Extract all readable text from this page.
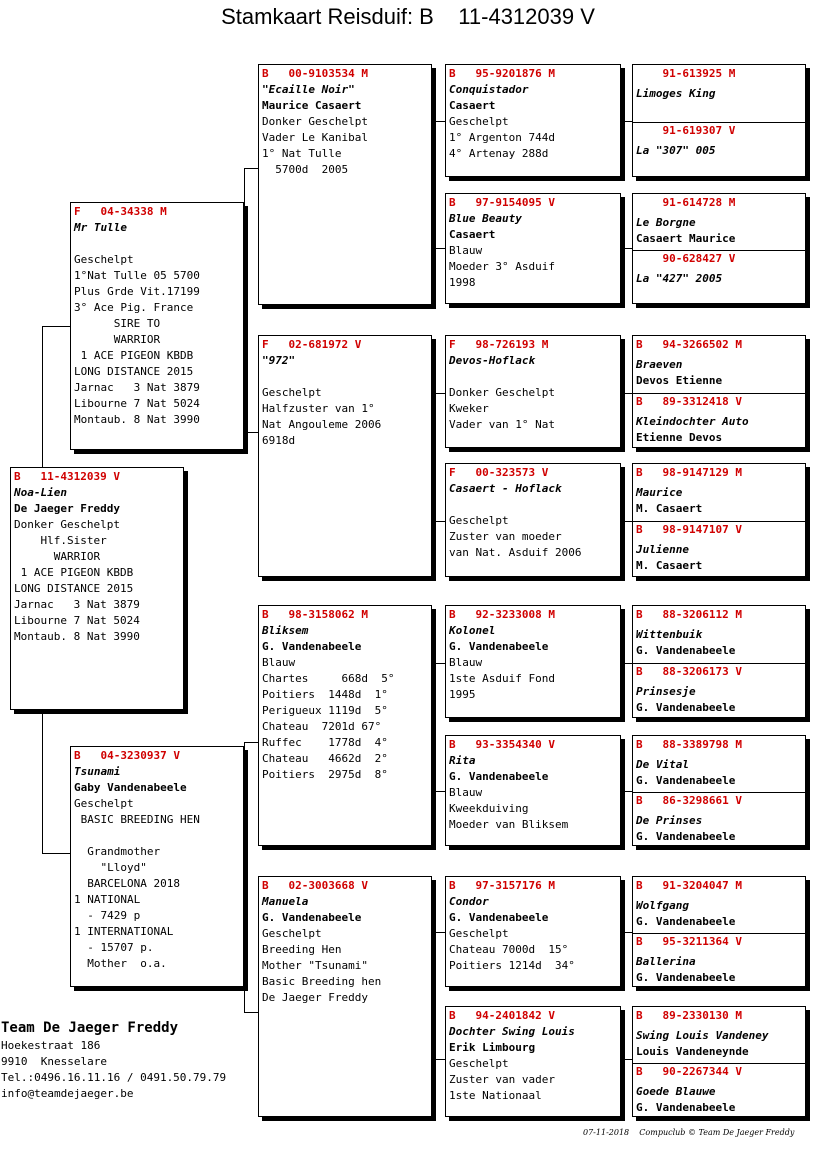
Stamkaart Reisduif: B    11-4312039 V
B   11-4312039 V
Noa-Lien
De Jaeger Freddy
Donker Geschelpt
Hlf.Sister
WARRIOR
1 ACE PIGEON KBDB
LONG DISTANCE 2015
Jarnac   3 Nat 3879
Libourne 7 Nat 5024
Montaub. 8 Nat 3990
F   04-34338 M
Mr Tulle
Geschelpt
1°Nat Tulle 05 5700
Plus Grde Vit.17199
3° Ace Pig. France
SIRE TO
WARRIOR
1 ACE PIGEON KBDB
LONG DISTANCE 2015
Jarnac   3 Nat 3879
Libourne 7 Nat 5024
Montaub. 8 Nat 3990
B   04-3230937 V
Tsunami
Gaby Vandenabeele
Geschelpt
BASIC BREEDING HEN
Grandmother
"Lloyd"
BARCELONA 2018
1 NATIONAL
- 7429 p
1 INTERNATIONAL
- 15707 p.
Mother  o.a.
B   00-9103534 M
"Ecaille Noir"
Maurice Casaert
Donker Geschelpt
Vader Le Kanibal
1° Nat Tulle
5700d  2005
F   02-681972 V
"972"
Geschelpt
Halfzuster van 1°
Nat Angouleme 2006
6918d
B   98-3158062 M
Bliksem
G. Vandenabeele
Blauw
Chartes     668d  5°
Poitiers  1448d  1°
Perigueux 1119d  5°
Chateau  7201d 67°
Ruffec    1778d  4°
Chateau   4662d  2°
Poitiers  2975d  8°
B   02-3003668 V
Manuela
G. Vandenabeele
Geschelpt
Breeding Hen
Mother "Tsunami"
Basic Breeding hen
De Jaeger Freddy
B   95-9201876 M
Conquistador
Casaert
Geschelpt
1° Argenton 744d
4° Artenay 288d
B   97-9154095 V
Blue Beauty
Casaert
Blauw
Moeder 3° Asduif
1998
F   98-726193 M
Devos-Hoflack
Donker Geschelpt
Kweker
Vader van 1° Nat
F   00-323573 V
Casaert - Hoflack
Geschelpt
Zuster van moeder
van Nat. Asduif 2006
B   92-3233008 M
Kolonel
G. Vandenabeele
Blauw
1ste Asduif Fond
1995
B   93-3354340 V
Rita
G. Vandenabeele
Blauw
Kweekduiving
Moeder van Bliksem
B   97-3157176 M
Condor
G. Vandenabeele
Geschelpt
Chateau 7000d  15°
Poitiers 1214d  34°
B   94-2401842 V
Dochter Swing Louis
Erik Limbourg
Geschelpt
Zuster van vader
1ste Nationaal
91-613925 M
Limoges King
91-619307 V
La "307" 005
91-614728 M
Le Borgne
Casaert Maurice
90-628427 V
La "427" 2005
B   94-3266502 M
Braeven
Devos Etienne
B   89-3312418 V
Kleindochter Auto
Etienne Devos
B   98-9147129 M
Maurice
M. Casaert
B   98-9147107 V
Julienne
M. Casaert
B   88-3206112 M
Wittenbuik
G. Vandenabeele
B   88-3206173 V
Prinsesje
G. Vandenabeele
B   88-3389798 M
De Vital
G. Vandenabeele
B   86-3298661 V
De Prinses
G. Vandenabeele
B   91-3204047 M
Wolfgang
G. Vandenabeele
B   95-3211364 V
Ballerina
G. Vandenabeele
B   89-2330130 M
Swing Louis Vandeney
Louis Vandeneynde
B   90-2267344 V
Goede Blauwe
G. Vandenabeele
Team De Jaeger Freddy
Hoekestraat 186
9910  Knesselare
Tel.:0496.16.11.16 / 0491.50.79.79
info@teamdejaeger.be
07-11-2018    Compuclub © Team De Jaeger Freddy
